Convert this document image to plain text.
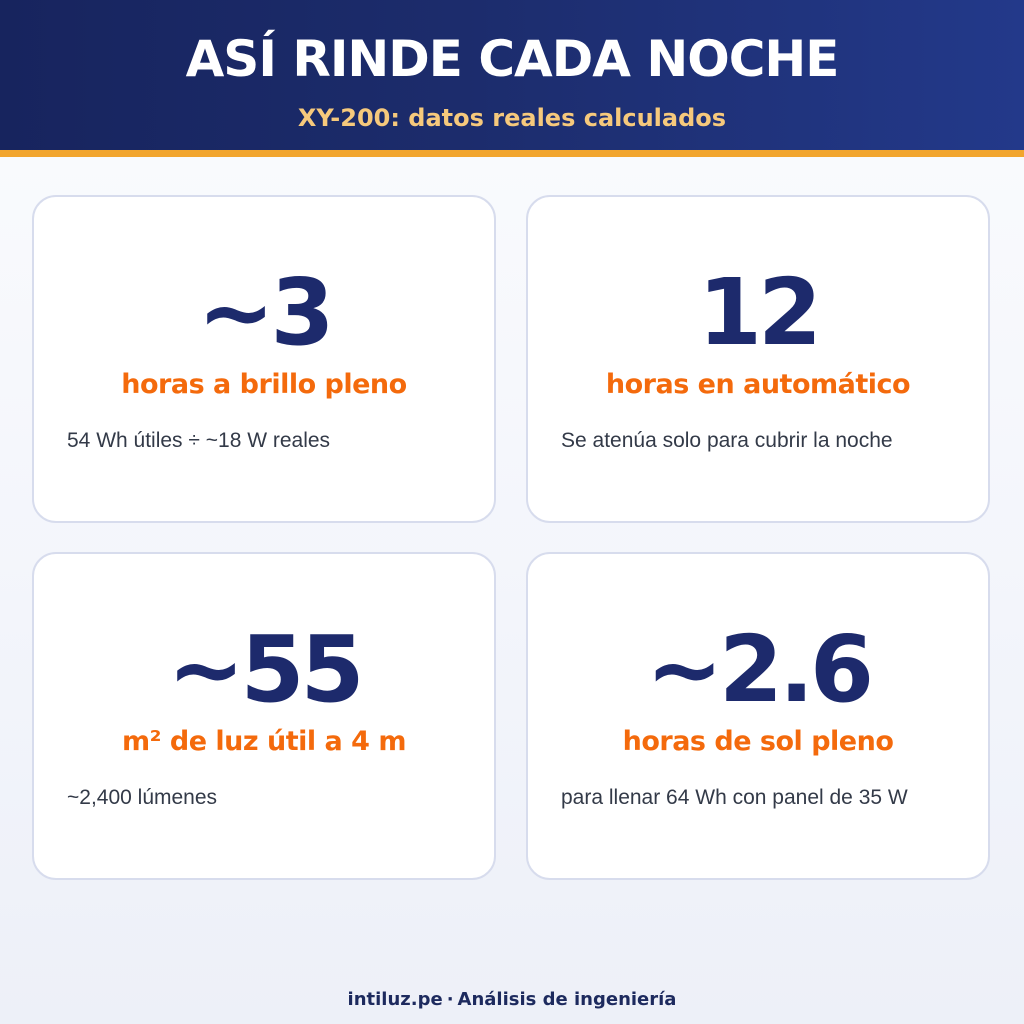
ASÍ RINDE CADA NOCHE
XY-200: datos reales calculados
~3
horas a brillo pleno
54 Wh útiles ÷ ~18 W reales
12
horas en automático
Se atenúa solo para cubrir la noche
~55
m² de luz útil a 4 m
~2,400 lúmenes
~2.6
horas de sol pleno
para llenar 64 Wh con panel de 35 W
intiluz.pe · Análisis de ingeniería
